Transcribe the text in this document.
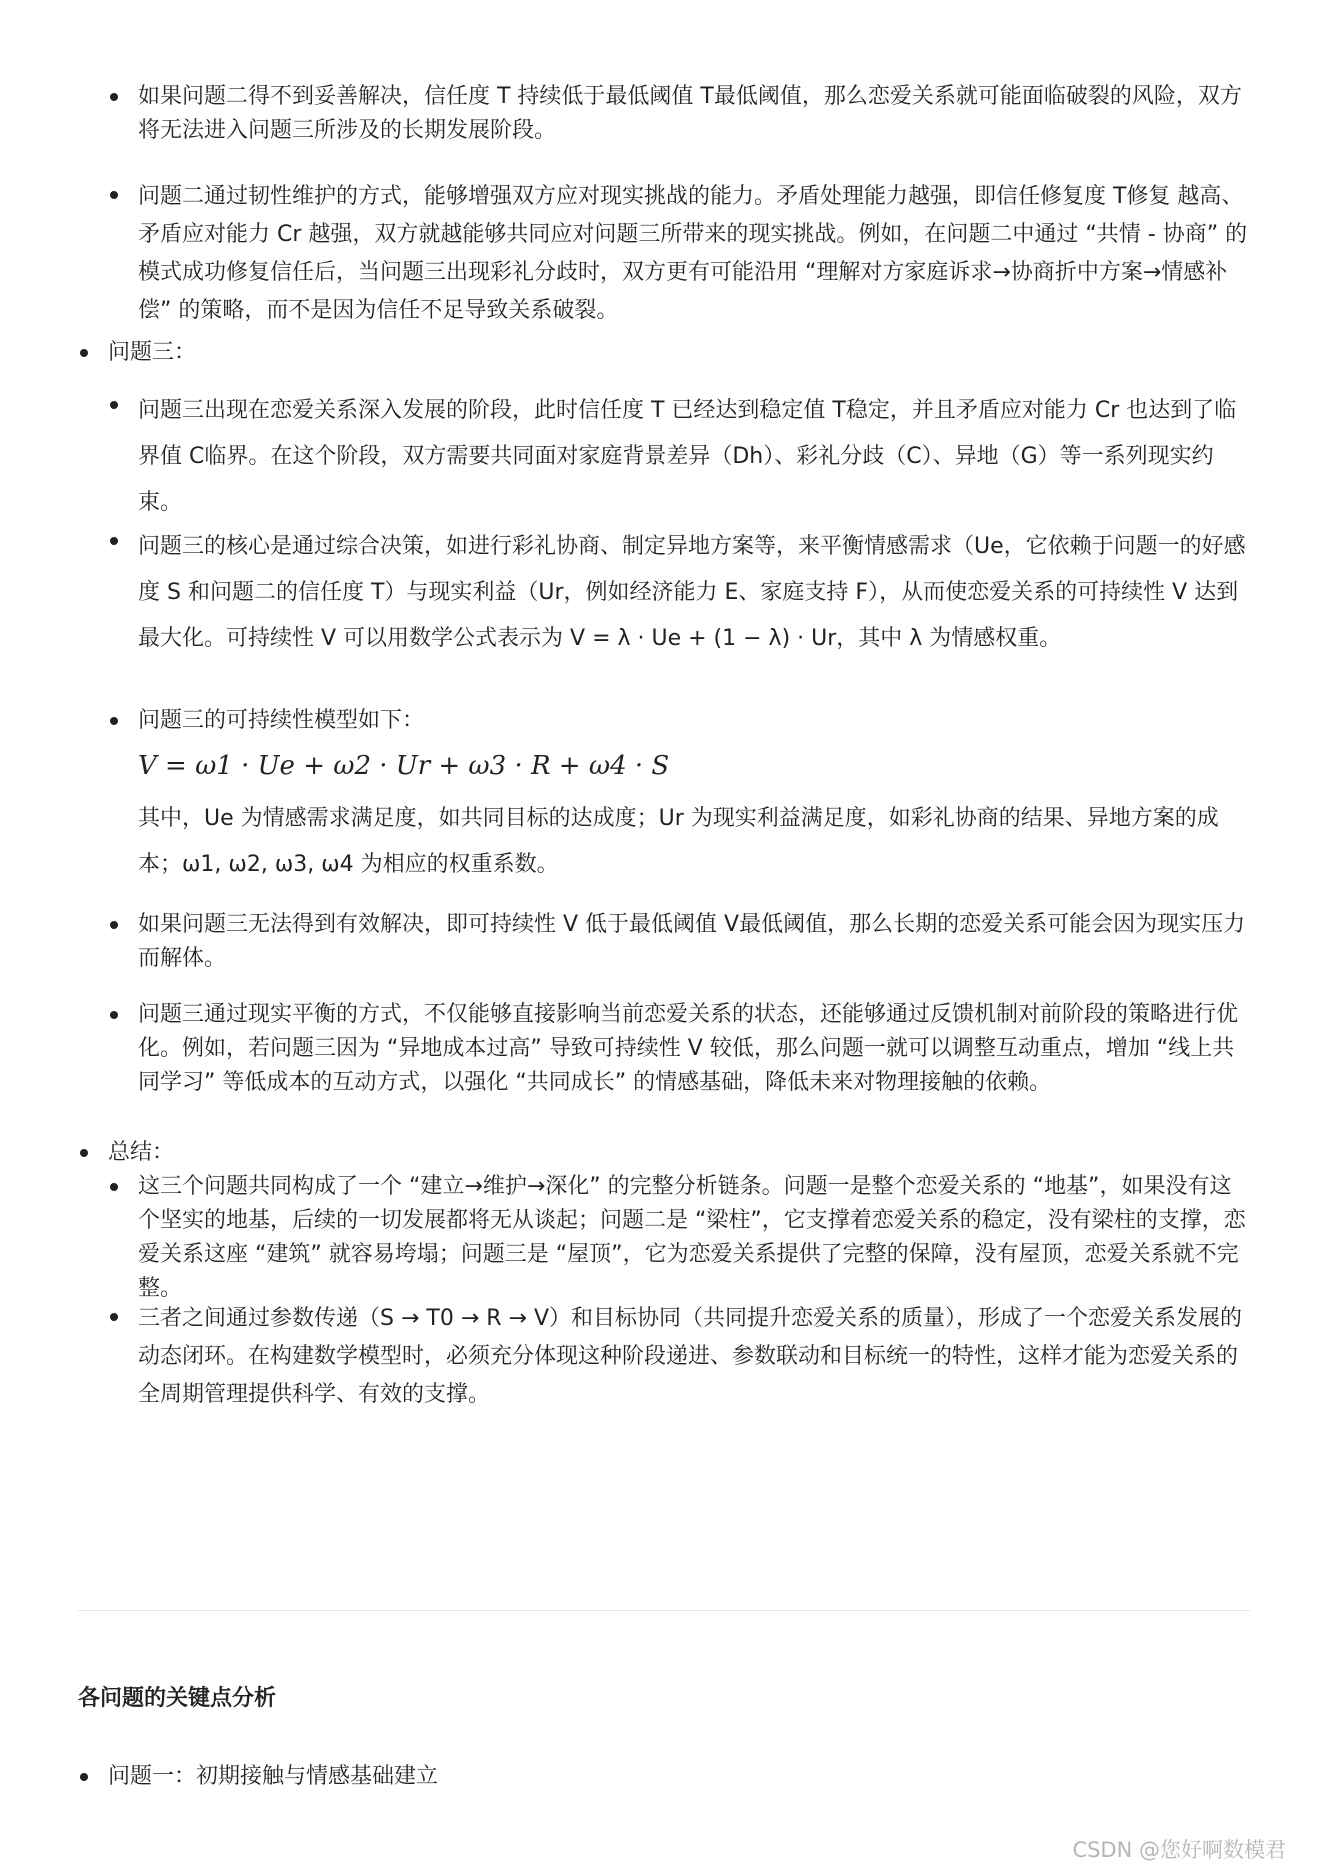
如果问题二得不到妥善解决，信任度 T 持续低于最低阈值 T最低阈值，那么恋爱关系就可能面临破裂的风险，双方将无法进入问题三所涉及的长期发展阶段。
问题二通过韧性维护的方式，能够增强双方应对现实挑战的能力。矛盾处理能力越强，即信任修复度 T修复 越高、矛盾应对能力 Cr 越强，双方就越能够共同应对问题三所带来的现实挑战。例如，在问题二中通过 “共情 - 协商” 的模式成功修复信任后，当问题三出现彩礼分歧时，双方更有可能沿用 “理解对方家庭诉求→协商折中方案→情感补偿” 的策略，而不是因为信任不足导致关系破裂。
问题三：
问题三出现在恋爱关系深入发展的阶段，此时信任度 T 已经达到稳定值 T稳定，并且矛盾应对能力 Cr 也达到了临界值 C临界。在这个阶段，双方需要共同面对家庭背景差异（Dh）、彩礼分歧（C）、异地（G）等一系列现实约束。
问题三的核心是通过综合决策，如进行彩礼协商、制定异地方案等，来平衡情感需求（Ue，它依赖于问题一的好感度 S 和问题二的信任度 T）与现实利益（Ur，例如经济能力 E、家庭支持 F），从而使恋爱关系的可持续性 V 达到最大化。可持续性 V 可以用数学公式表示为 V = λ · Ue + (1 − λ) · Ur，其中 λ 为情感权重。
问题三的可持续性模型如下：
V = ω1 · Ue + ω2 · Ur + ω3 · R + ω4 · S
其中，Ue 为情感需求满足度，如共同目标的达成度；Ur 为现实利益满足度，如彩礼协商的结果、异地方案的成本；ω1, ω2, ω3, ω4 为相应的权重系数。
如果问题三无法得到有效解决，即可持续性 V 低于最低阈值 V最低阈值，那么长期的恋爱关系可能会因为现实压力而解体。
问题三通过现实平衡的方式，不仅能够直接影响当前恋爱关系的状态，还能够通过反馈机制对前阶段的策略进行优化。例如，若问题三因为 “异地成本过高” 导致可持续性 V 较低，那么问题一就可以调整互动重点，增加 “线上共同学习” 等低成本的互动方式，以强化 “共同成长” 的情感基础，降低未来对物理接触的依赖。
总结：
这三个问题共同构成了一个 “建立→维护→深化” 的完整分析链条。问题一是整个恋爱关系的 “地基”，如果没有这个坚实的地基，后续的一切发展都将无从谈起；问题二是 “梁柱”，它支撑着恋爱关系的稳定，没有梁柱的支撑，恋爱关系这座 “建筑” 就容易垮塌；问题三是 “屋顶”，它为恋爱关系提供了完整的保障，没有屋顶，恋爱关系就不完整。
三者之间通过参数传递（S → T0 → R → V）和目标协同（共同提升恋爱关系的质量），形成了一个恋爱关系发展的动态闭环。在构建数学模型时，必须充分体现这种阶段递进、参数联动和目标统一的特性，这样才能为恋爱关系的全周期管理提供科学、有效的支撑。
各问题的关键点分析
问题一：初期接触与情感基础建立
CSDN @您好啊数模君
